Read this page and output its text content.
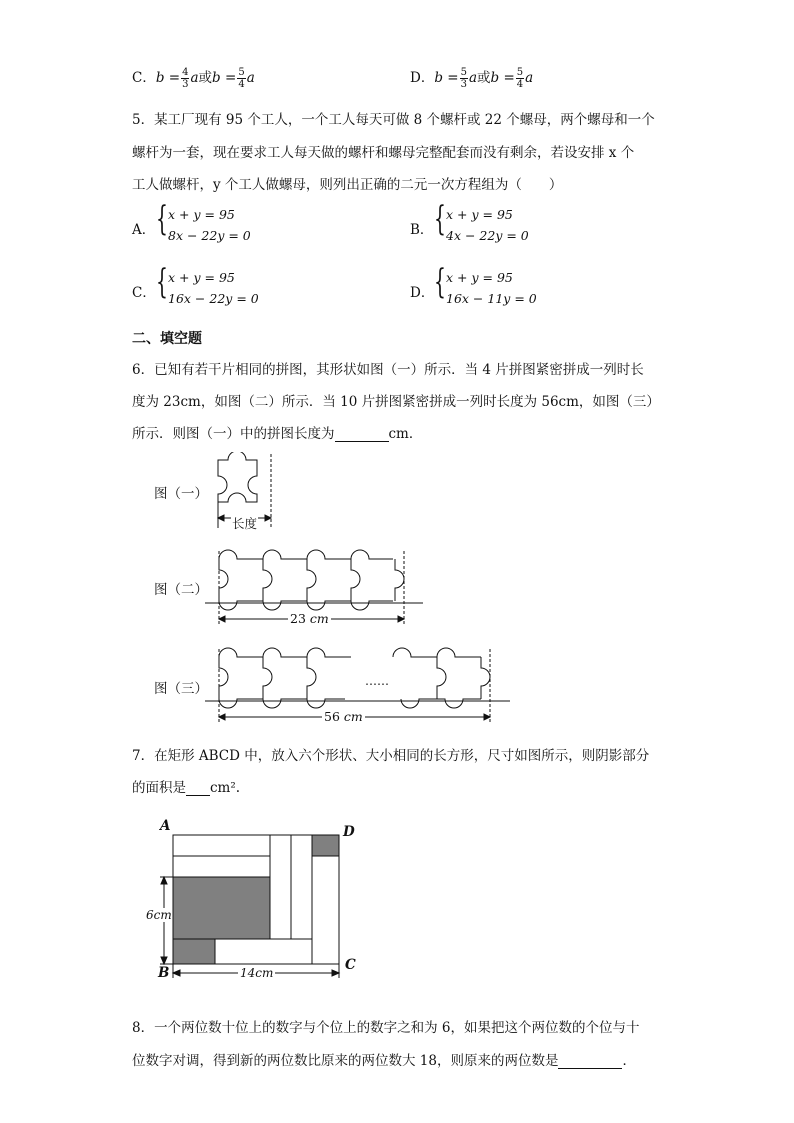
C．$b = \frac{4}{3}$ a或$b = \frac{5}{4}$ a	D．$b = \frac{5}{3}$ a或$b = \frac{5}{4}$ a
5．某工厂现有 95 个工人，一个工人每天可做 8 个螺杆或 22 个螺母，两个螺母和一个
螺杆为一套，现在要求工人每天做的螺杆和螺母完整配套而没有剩余，若设安排 x 个
工人做螺杆，y 个工人做螺母，则列出正确的二元一次方程组为（　　）
A． { x + y = 95
8x − 22y = 0	B． { x + y = 95
4x − 22y = 0
C． { x + y = 95
16x − 22y = 0	D． { x + y = 95
16x − 11y = 0
二、填空题
6．已知有若干片相同的拼图，其形状如图（一）所示．当 4 片拼图紧密拼成一列时长
度为 23cm，如图（二）所示．当 10 片拼图紧密拼成一列时长度为 56cm，如图（三）
所示．则图（一）中的拼图长度为	cm．
图（一）
长度
图（二）
23 cm
图（三）	……
56 cm
7．在矩形 ABCD 中，放入六个形状、大小相同的长方形，尺寸如图所示，则阴影部分
的面积是 cm².
A	D
B	C
6cm
14cm
8．一个两位数十位上的数字与个位上的数字之和为 6，如果把这个两位数的个位与十
位数字对调，得到新的两位数比原来的两位数大 18，则原来的两位数是	．
